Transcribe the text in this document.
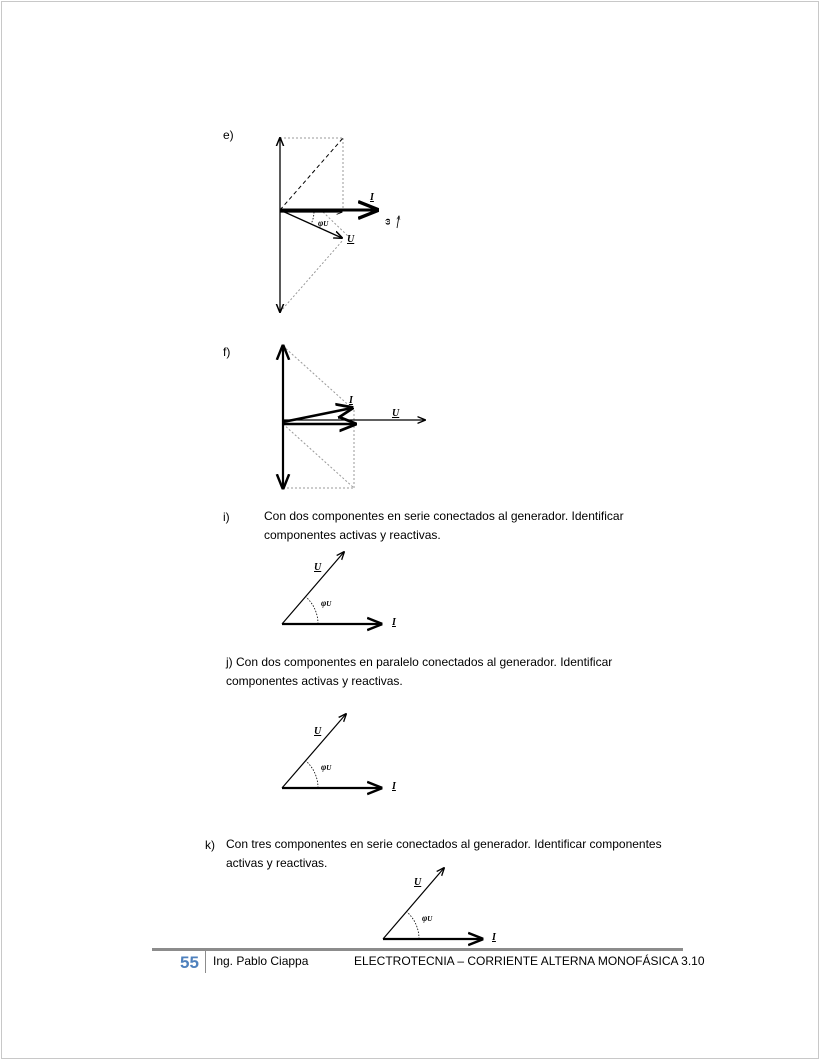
e)
f)
i)	Con dos componentes en serie conectados al generador. Identificar
componentes activas y reactivas.
j) Con dos componentes en paralelo conectados al generador. Identificar
componentes activas y reactivas.
k) Con tres componentes en serie conectados al generador. Identificar componentes
activas y reactivas.
55 Ing. Pablo Ciappa	ELECTROTECNIA – CORRIENTE ALTERNA MONOFÁSICA 3.10
φU
I
U
ω
I
U
φU
U
I
φU
U
I
φU
U
I
